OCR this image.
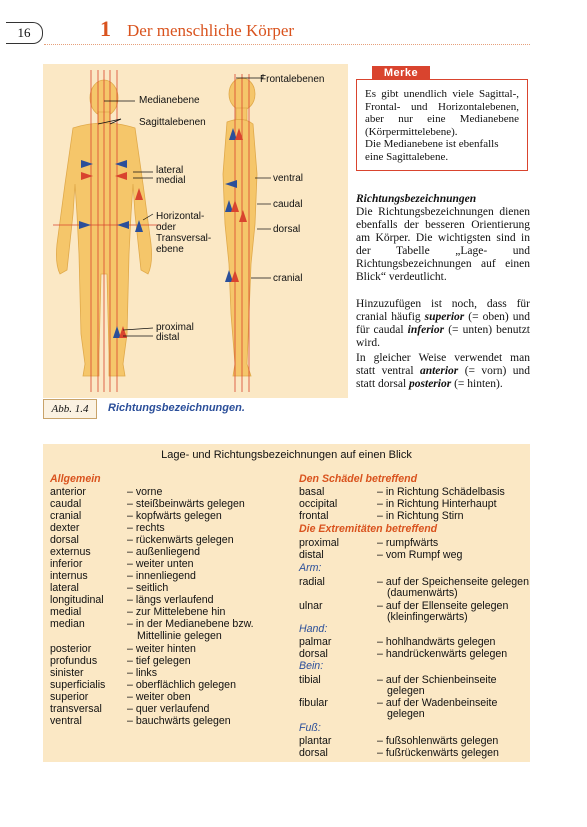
16	1 Der menschliche Körper
Medianebene
Sagittalebenen
lateral
medial
Horizontal-
oder
Transversal-
ebene
proximal
distal
Frontalebenen
ventral
caudal
dorsal
cranial
Abb. 1.4	Richtungsbezeichnungen.
Merke

Es gibt unendlich viele Sagittal-, Frontal- und Horizontalebenen, aber nur eine Medianebene (Körpermittelebene).

Die Medianebene ist ebenfalls eine Sagittalebene.

Richtungsbezeichnungen

Die Richtungsbezeichnungen dienen ebenfalls der besseren Orientierung am Körper. Die wichtigsten sind in der Tabelle „Lage- und Richtungsbezeichnungen auf einen Blick“ verdeutlicht.

Hinzuzufügen ist noch, dass für cranial häufig superior (= oben) und für caudal inferior (= unten) benutzt wird.

In gleicher Weise verwendet man statt ventral anterior (= vorn) und statt dorsal posterior (= hinten).

Lage- und Richtungsbezeichnungen auf einen Blick
Allgemein
anterior	– vorne
caudal	– steißbeinwärts gelegen
cranial	– kopfwärts gelegen
dexter	– rechts
dorsal	– rückenwärts gelegen
externus	– außenliegend
inferior	– weiter unten
internus	– innenliegend
lateral	– seitlich
longitudinal – längs verlaufend
medial	– zur Mittelebene hin
median	– in der Medianebene bzw.
Mittellinie gelegen
posterior	– weiter hinten
profundus	– tief gelegen
sinister	– links
superficialis – oberflächlich gelegen
superior	– weiter oben
transversal – quer verlaufend
ventral	– bauchwärts gelegen
Den Schädel betreffend
basal	– in Richtung Schädelbasis
occipital	– in Richtung Hinterhaupt
frontal	– in Richtung Stirn
Die Extremitäten betreffend
proximal	– rumpfwärts
distal	– vom Rumpf weg
Arm:
radial	– auf der Speichenseite gelegen
(daumenwärts)
ulnar	– auf der Ellenseite gelegen
(kleinfingerwärts)
Hand:
palmar	– hohlhandwärts gelegen
dorsal	– handrückenwärts gelegen
Bein:
tibial	– auf der Schienbeinseite
gelegen
fibular	– auf der Wadenbeinseite
gelegen
Fuß:
plantar	– fußsohlenwärts gelegen
dorsal	– fußrückenwärts gelegen
